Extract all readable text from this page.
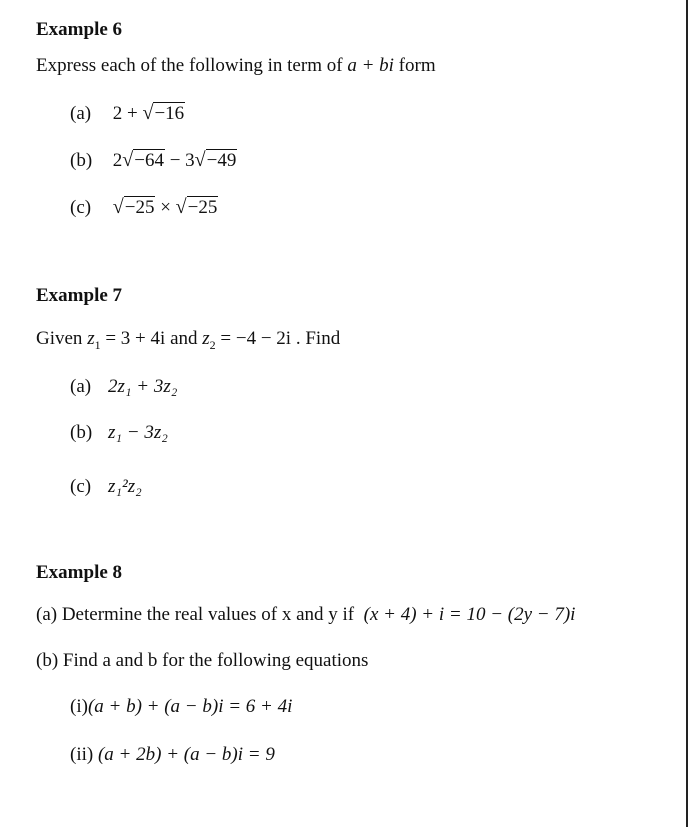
Example 6
Express each of the following in term of a + bi form
(a) 2 + √−16
(b) 2√−64 − 3√−49
(c) √−25 × √−25
Example 7
Given $z_1 = 3 + 4i$ and $z_2 = -4 - 2i$ . Find
(a) 2z₁ + 3z₂
(b) z₁ − 3z₂
(c) z₁²z₂
Example 8
(a) Determine the real values of x and y if (x + 4) + i = 10 − (2y − 7)i
(b) Find a and b for the following equations
(i)(a + b) + (a − b)i = 6 + 4i
(ii) (a + 2b) + (a − b)i = 9
